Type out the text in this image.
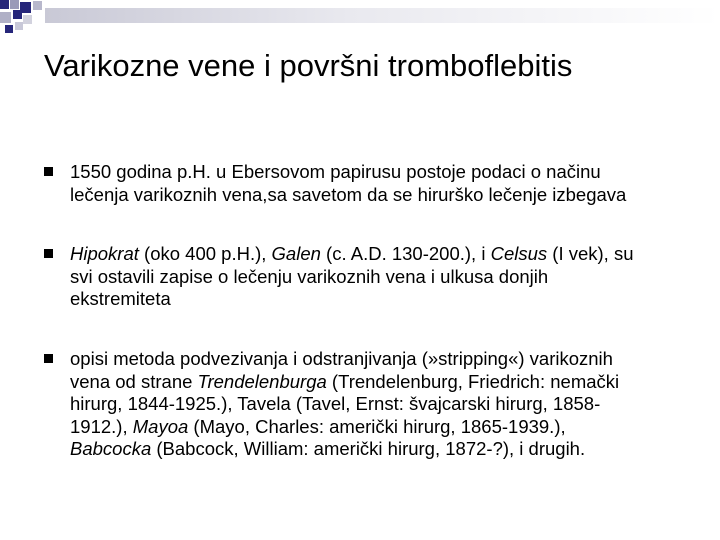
Varikozne vene i površni tromboflebitis
1550 godina p.H. u Ebersovom papirusu postoje podaci o načinu
lečenja varikoznih vena,sa savetom da se hirurško lečenje izbegava
Hipokrat (oko 400 p.H.), Galen (c. A.D. 130-200.), i Celsus (I vek), su
svi ostavili zapise o lečenju varikoznih vena i ulkusa donjih
ekstremiteta
opisi metoda podvezivanja i odstranjivanja (»stripping«) varikoznih
vena od strane Trendelenburga (Trendelenburg, Friedrich: nemački
hirurg, 1844-1925.), Tavela (Tavel, Ernst: švajcarski hirurg, 1858-
1912.), Mayoa (Mayo, Charles: američki hirurg, 1865-1939.),
Babcocka (Babcock, William: američki hirurg, 1872-?), i drugih.
